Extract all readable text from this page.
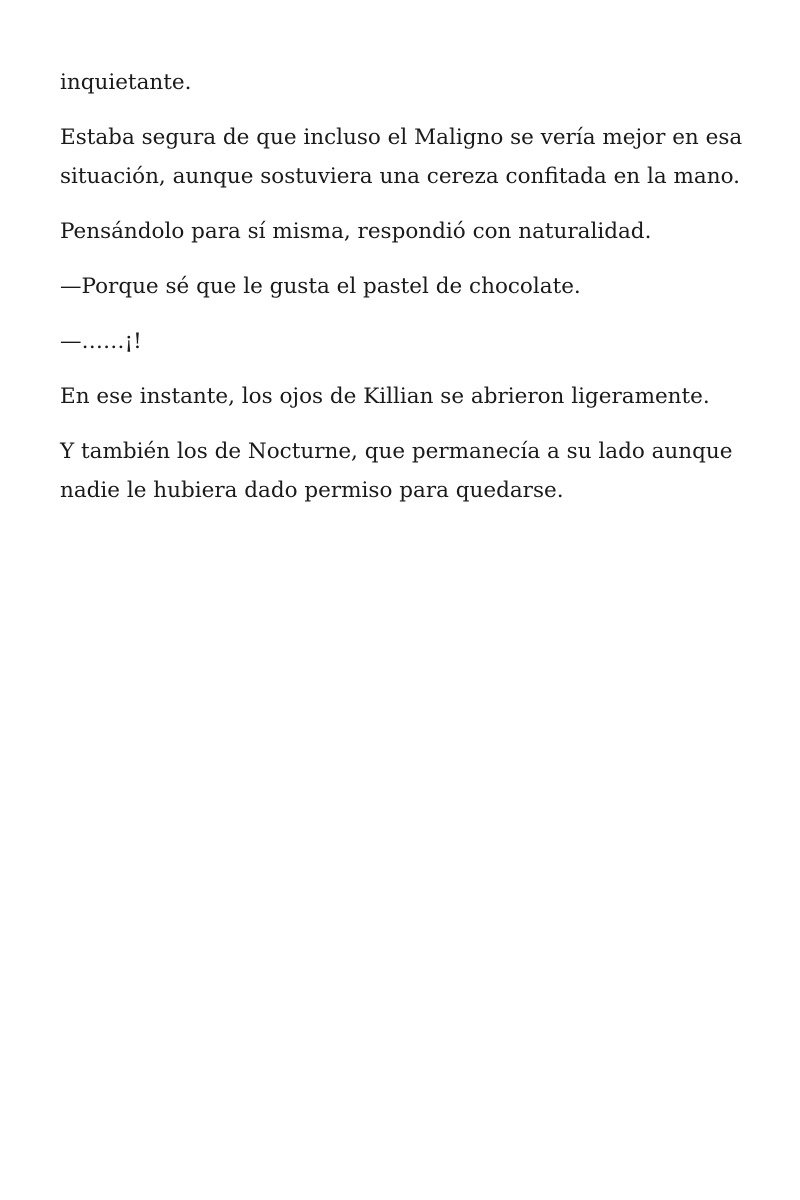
inquietante.

Estaba segura de que incluso el Maligno se vería mejor en esa situación, aunque sostuviera una cereza confitada en la mano.

Pensándolo para sí misma, respondió con naturalidad.

—Porque sé que le gusta el pastel de chocolate.

—……¡!

En ese instante, los ojos de Killian se abrieron ligeramente.

Y también los de Nocturne, que permanecía a su lado aunque nadie le hubiera dado permiso para quedarse.
